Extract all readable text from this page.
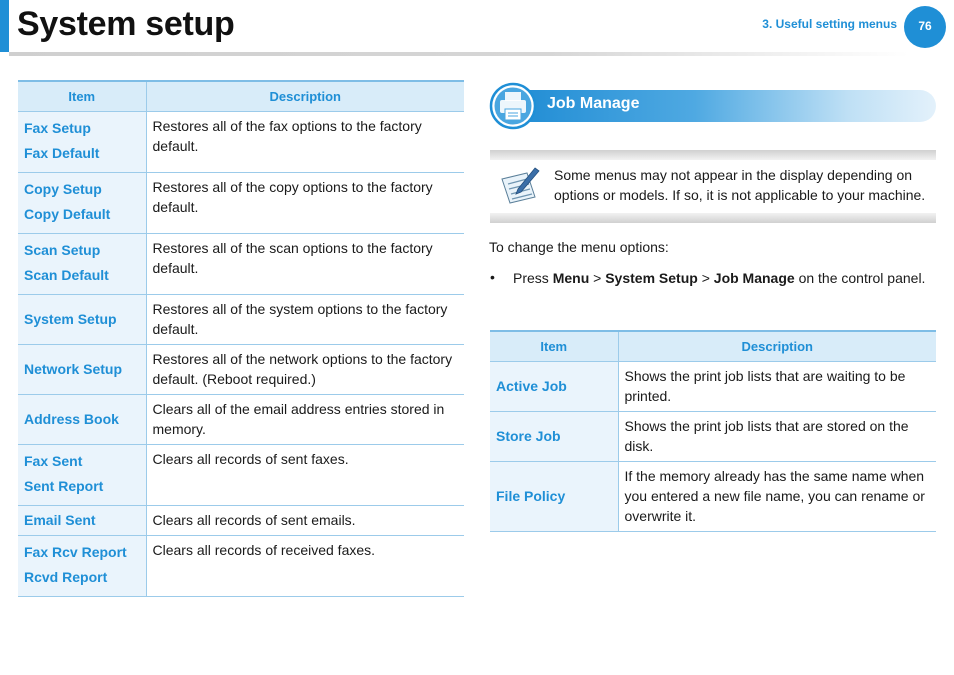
System setup	3. Useful setting menus	76
Item	Description

Fax Setup
Fax Default	Restores all of the fax options to the factory default.

Copy Setup
Copy Default	Restores all of the copy options to the factory default.

Scan Setup
Scan Default	Restores all of the scan options to the factory default.
System Setup	Restores all of the system options to the factory default.
Network Setup	Restores all of the network options to the factory default. (Reboot required.)
Address Book	Clears all of the email address entries stored in memory.

Fax Sent
Sent Report	Clears all records of sent faxes.
Email Sent	Clears all records of sent emails.

Fax Rcv Report
Rcvd Report	Clears all records of received faxes.
Job Manage
Some menus may not appear in the display depending on options or models. If so, it is not applicable to your machine.
To change the menu options:
• Press Menu > System Setup > Job Manage on the control panel.
Item	Description
Active Job	Shows the print job lists that are waiting to be printed.
Store Job	Shows the print job lists that are stored on the disk.
File Policy	If the memory already has the same name when you entered a new file name, you can rename or overwrite it.
